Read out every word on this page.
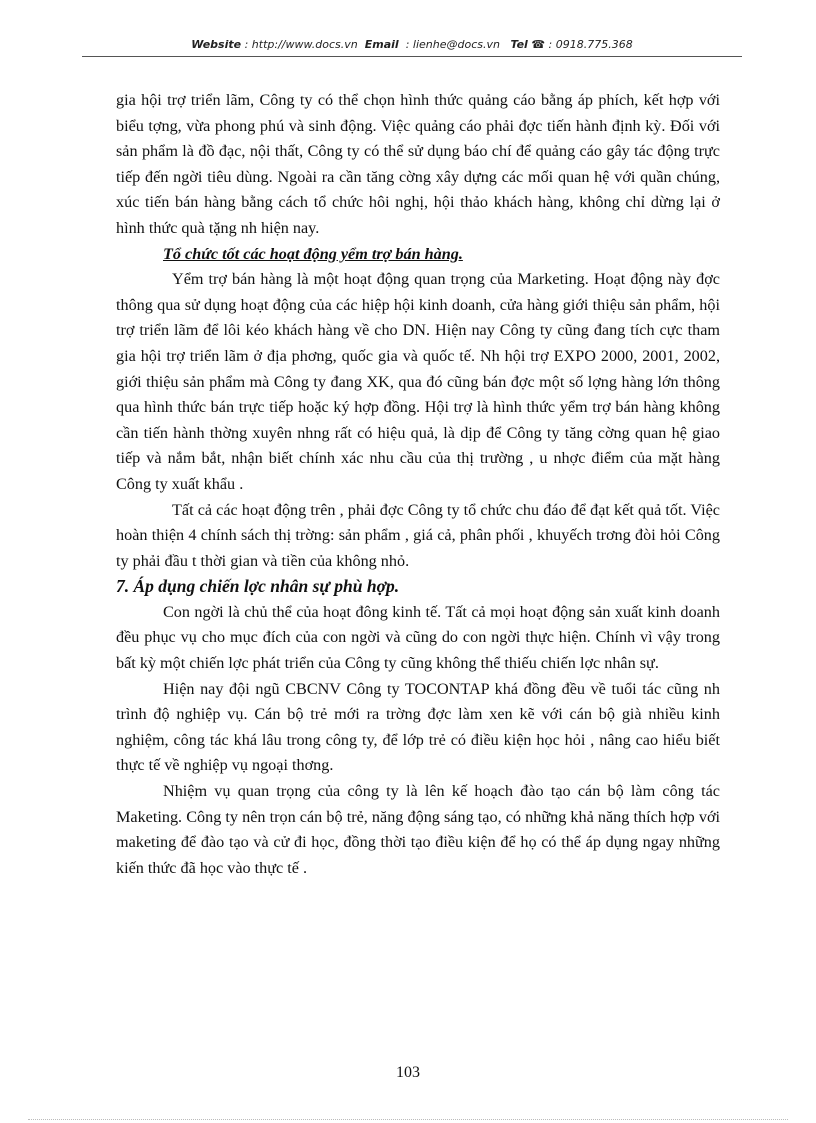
Website : http://www.docs.vn Email : lienhe@docs.vn Tel ☎ : 0918.775.368

gia hội trợ triển lãm, Công ty có thể chọn hình thức quảng cáo bằng áp phích, kết hợp với biểu tợng, vừa phong phú và sinh động. Việc quảng cáo phải đợc tiến hành định kỳ. Đối với sản phẩm là đồ đạc, nội thất, Công ty có thể sử dụng báo chí để quảng cáo gây tác động trực tiếp đến ngời tiêu dùng. Ngoài ra cần tăng cờng xây dựng các mối quan hệ với quần chúng, xúc tiến bán hàng bằng cách tổ chức hôi nghị, hội thảo khách hàng, không chỉ dừng lại ở hình thức quà tặng nh hiện nay.

Tổ chức tốt các hoạt động yểm trợ bán hàng.

Yểm trợ bán hàng là một hoạt động quan trọng của Marketing. Hoạt động này đợc thông qua sử dụng hoạt động của các hiệp hội kinh doanh, cửa hàng giới thiệu sản phẩm, hội trợ triển lãm để lôi kéo khách hàng về cho DN. Hiện nay Công ty cũng đang tích cực tham gia hội trợ triển lãm ở địa phơng, quốc gia và quốc tế. Nh hội trợ EXPO 2000, 2001, 2002, giới thiệu sản phẩm mà Công ty đang XK, qua đó cũng bán đợc một số lợng hàng lớn thông qua hình thức bán trực tiếp hoặc ký hợp đồng. Hội trợ là hình thức yểm trợ bán hàng không cần tiến hành thờng xuyên nhng rất có hiệu quả, là dịp để Công ty tăng cờng quan hệ giao tiếp và nắm bắt, nhận biết chính xác nhu cầu của thị trường , u nhợc điểm của mặt hàng Công ty xuất khẩu .

Tất cả các hoạt động trên , phải đợc Công ty tổ chức chu đáo để đạt kết quả tốt. Việc hoàn thiện 4 chính sách thị trờng: sản phẩm , giá cả, phân phối , khuyếch trơng đòi hỏi Công ty phải đầu t thời gian và tiền của không nhỏ.

7. Áp dụng chiến lợc nhân sự phù hợp.

Con ngời là chủ thể của hoạt đông kinh tế. Tất cả mọi hoạt động sản xuất kinh doanh đều phục vụ cho mục đích của con ngời và cũng do con ngời thực hiện. Chính vì vậy trong bất kỳ một chiến lợc phát triển của Công ty cũng không thể thiếu chiến lợc nhân sự.

Hiện nay đội ngũ CBCNV Công ty TOCONTAP khá đồng đều về tuổi tác cũng nh trình độ nghiệp vụ. Cán bộ trẻ mới ra trờng đợc làm xen kẽ với cán bộ già nhiều kinh nghiệm, công tác khá lâu trong công ty, để lớp trẻ có điều kiện học hỏi , nâng cao hiểu biết thực tế về nghiệp vụ ngoại thơng.

Nhiệm vụ quan trọng của công ty là lên kế hoạch đào tạo cán bộ làm công tác Maketing. Công ty nên trọn cán bộ trẻ, năng động sáng tạo, có những khả năng thích hợp với maketing để đào tạo và cử đi học, đồng thời tạo điều kiện để họ có thể áp dụng ngay những kiến thức đã học vào thực tế .

103
